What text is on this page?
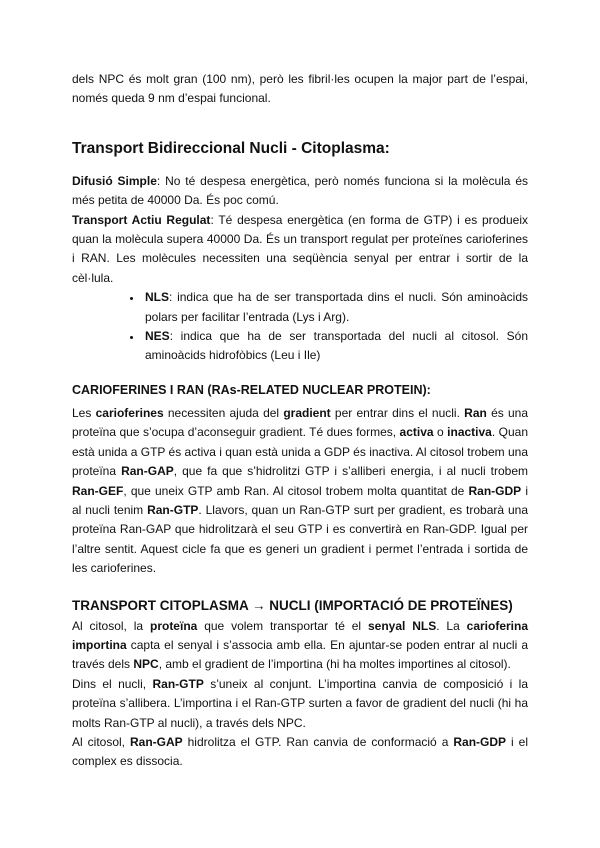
dels NPC és molt gran (100 nm), però les fibril·les ocupen la major part de l’espai, només queda 9 nm d’espai funcional.

Transport Bidireccional Nucli - Citoplasma:

Difusió Simple: No té despesa energètica, però només funciona si la molècula és més petita de 40000 Da. És poc comú.

Transport Actiu Regulat: Té despesa energètica (en forma de GTP) i es produeix quan la molècula supera 40000 Da. És un transport regulat per proteïnes carioferines i RAN. Les molècules necessiten una seqüència senyal per entrar i sortir de la cèl·lula.

NLS: indica que ha de ser transportada dins el nucli. Són aminoàcids polars per facilitar l’entrada (Lys i Arg).
NES: indica que ha de ser transportada del nucli al citosol. Són aminoàcids hidrofòbics (Leu i Ile)
CARIOFERINES I RAN (RAs-RELATED NUCLEAR PROTEIN):

Les carioferines necessiten ajuda del gradient per entrar dins el nucli. Ran és una proteïna que s’ocupa d’aconseguir gradient. Té dues formes, activa o inactiva. Quan està unida a GTP és activa i quan està unida a GDP és inactiva. Al citosol trobem una proteïna Ran-GAP, que fa que s’hidrolitzi GTP i s’alliberi energia, i al nucli trobem Ran-GEF, que uneix GTP amb Ran. Al citosol trobem molta quantitat de Ran-GDP i al nucli tenim Ran-GTP. Llavors, quan un Ran-GTP surt per gradient, es trobarà una proteïna Ran-GAP que hidrolitzarà el seu GTP i es convertirà en Ran-GDP. Igual per l’altre sentit. Aquest cicle fa que es generi un gradient i permet l’entrada i sortida de les carioferines.

TRANSPORT CITOPLASMA → NUCLI (IMPORTACIÓ DE PROTEÏNES)

Al citosol, la proteïna que volem transportar té el senyal NLS. La carioferina importina capta el senyal i s’associa amb ella. En ajuntar-se poden entrar al nucli a través dels NPC, amb el gradient de l’importina (hi ha moltes importines al citosol).

Dins el nucli, Ran-GTP s’uneix al conjunt. L’importina canvia de composició i la proteïna s’allibera. L’importina i el Ran-GTP surten a favor de gradient del nucli (hi ha molts Ran-GTP al nucli), a través dels NPC.

Al citosol, Ran-GAP hidrolitza el GTP. Ran canvia de conformació a Ran-GDP i el complex es dissocia.
